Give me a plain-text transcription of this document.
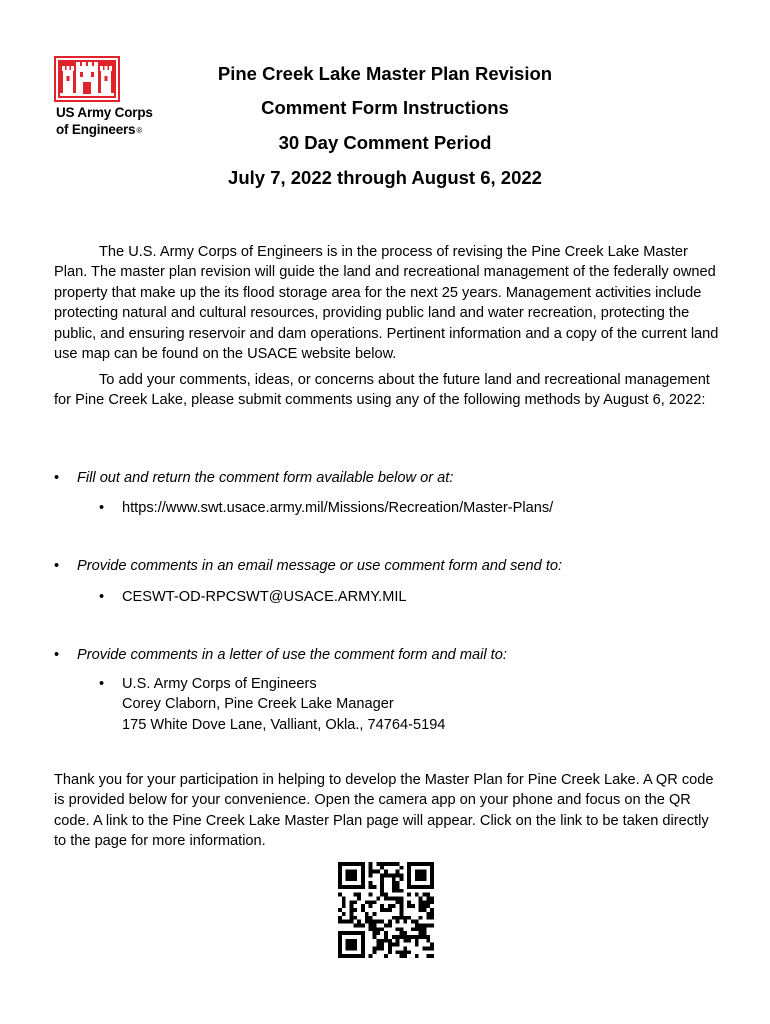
US Army Corps
of Engineers®
Pine Creek Lake Master Plan Revision
Comment Form Instructions
30 Day Comment Period
July 7, 2022 through August 6, 2022

The U.S. Army Corps of Engineers is in the process of revising the Pine Creek Lake Master Plan. The master plan revision will guide the land and recreational management of the federally owned property that make up the its flood storage area for the next 25 years. Management activities include protecting natural and cultural resources, providing public land and water recreation, protecting the public, and ensuring reservoir and dam operations. Pertinent information and a copy of the current land use map can be found on the USACE website below.

To add your comments, ideas, or concerns about the future land and recreational management for Pine Creek Lake, please submit comments using any of the following methods by August 6, 2022:

• Fill out and return the comment form available below or at:
• https://www.swt.usace.army.mil/Missions/Recreation/Master-Plans/
• Provide comments in an email message or use comment form and send to:
• CESWT-OD-RPCSWT@USACE.ARMY.MIL
• Provide comments in a letter of use the comment form and mail to:
• U.S. Army Corps of Engineers
Corey Claborn, Pine Creek Lake Manager
175 White Dove Lane, Valliant, Okla., 74764-5194

Thank you for your participation in helping to develop the Master Plan for Pine Creek Lake. A QR code is provided below for your convenience. Open the camera app on your phone and focus on the QR code. A link to the Pine Creek Lake Master Plan page will appear. Click on the link to be taken directly to the page for more information.
